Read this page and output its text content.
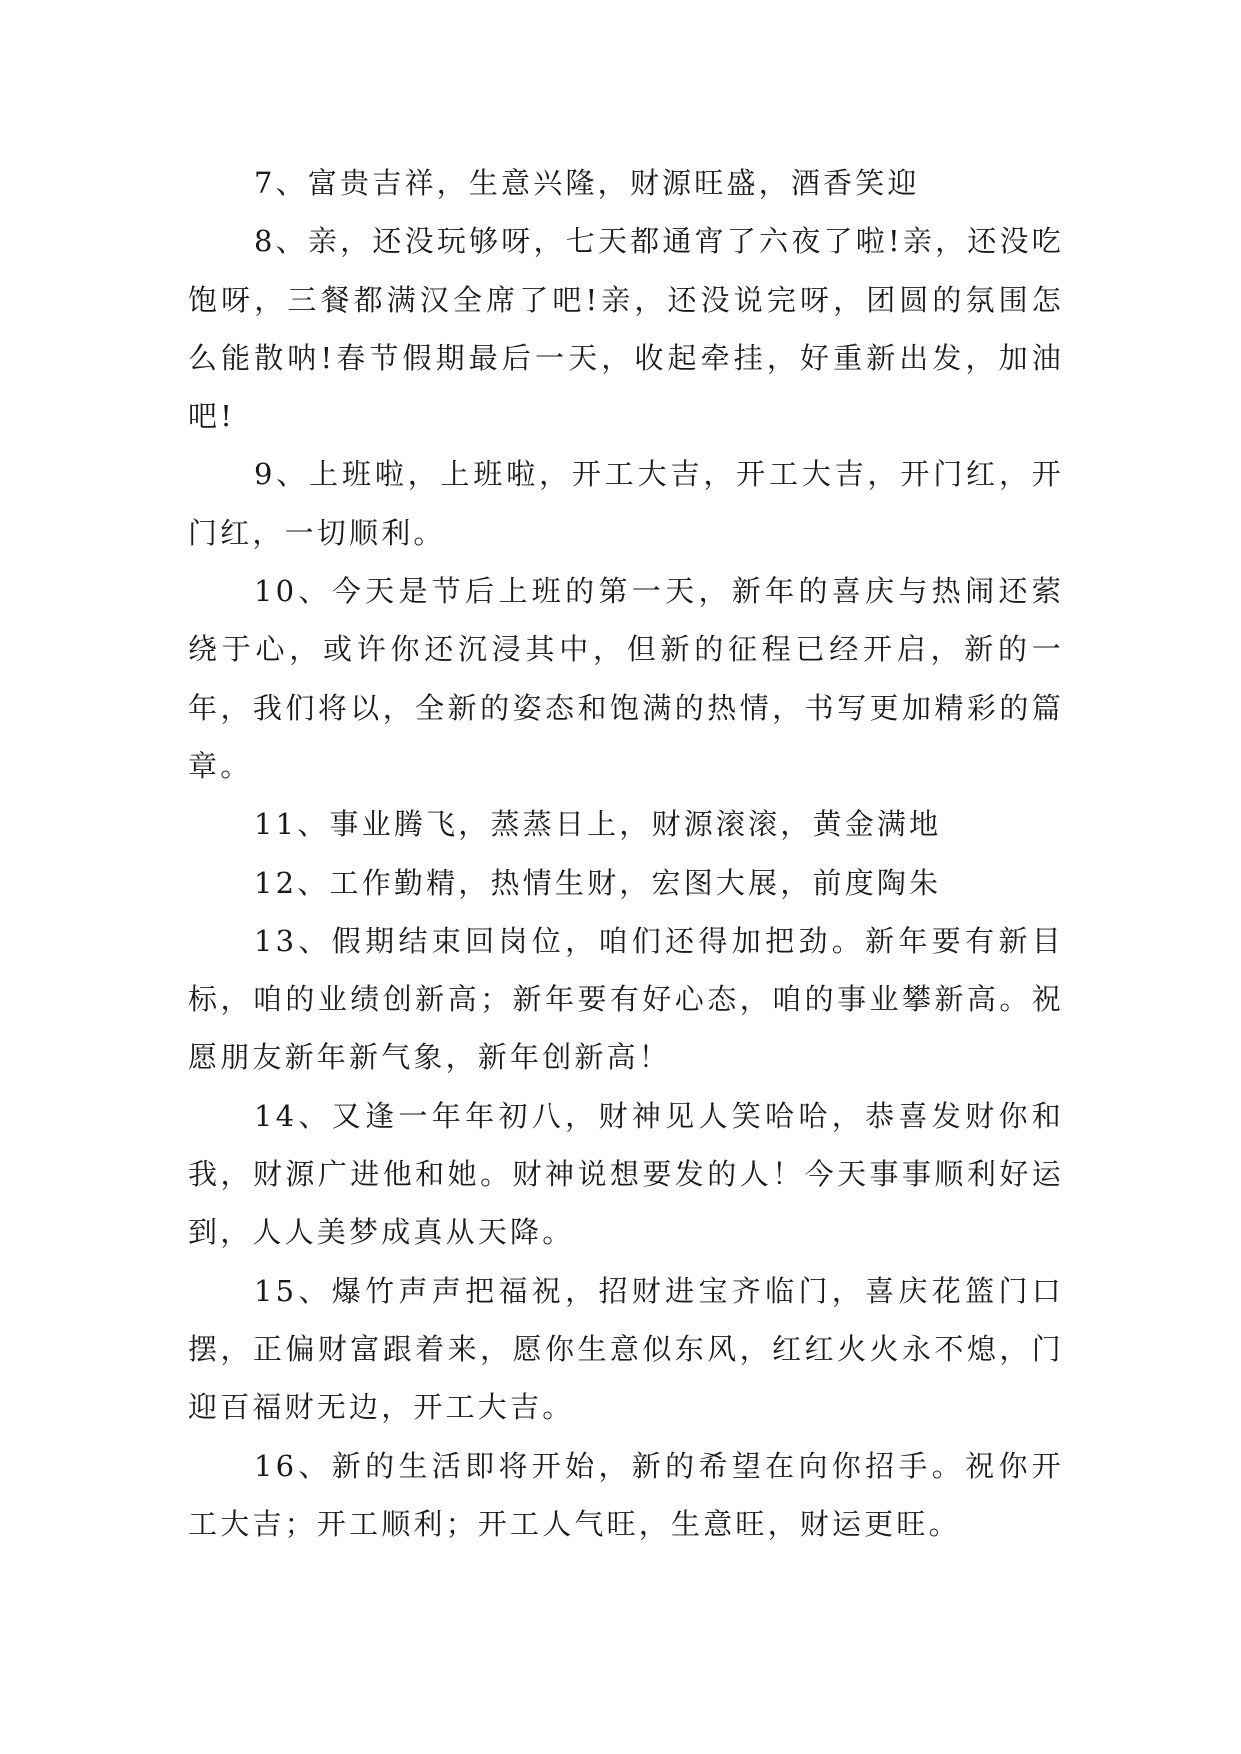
7、富贵吉祥，生意兴隆，财源旺盛，酒香笑迎

8、亲，还没玩够呀，七天都通宵了六夜了啦!亲，还没吃饱呀，三餐都满汉全席了吧!亲，还没说完呀，团圆的氛围怎么能散呐!春节假期最后一天，收起牵挂，好重新出发，加油吧!

9、上班啦，上班啦，开工大吉，开工大吉，开门红，开门红，一切顺利。

10、今天是节后上班的第一天，新年的喜庆与热闹还萦绕于心，或许你还沉浸其中，但新的征程已经开启，新的一年，我们将以，全新的姿态和饱满的热情，书写更加精彩的篇章。

11、事业腾飞，蒸蒸日上，财源滚滚，黄金满地

12、工作勤精，热情生财，宏图大展，前度陶朱

13、假期结束回岗位，咱们还得加把劲。新年要有新目标，咱的业绩创新高；新年要有好心态，咱的事业攀新高。祝愿朋友新年新气象，新年创新高！

14、又逢一年年初八，财神见人笑哈哈，恭喜发财你和我，财源广进他和她。财神说想要发的人！今天事事顺利好运到，人人美梦成真从天降。

15、爆竹声声把福祝，招财进宝齐临门，喜庆花篮门口摆，正偏财富跟着来，愿你生意似东风，红红火火永不熄，门迎百福财无边，开工大吉。

16、新的生活即将开始，新的希望在向你招手。祝你开工大吉；开工顺利；开工人气旺，生意旺，财运更旺。
